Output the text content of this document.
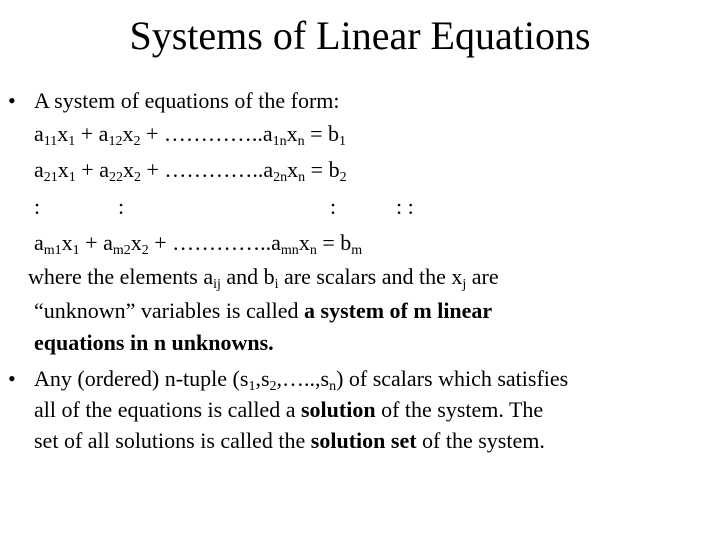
Systems of Linear Equations
• A system of equations of the form:
$a_{11}x_1 + a_{12}x_2$ + $\dots\dots\dots\dots..a_{1n}x_n = b_1$
$a_{21}x_1 + a_{22}x_2$ + $\dots\dots\dots\dots..a_{2n}x_n = b_2$
:	:	:	: :
$a_{m1}x_1 + a_{m2}x_2$ + $\dots\dots\dots\dots..a_{mn}x_n = b_m$
where the elements $a_{ij}$ and $b_i$ are scalars and the $x_j$ are
“unknown” variables is called a system of m linear
equations in n unknowns.
• Any (ordered) n-tuple $(s_1,s_2,\dots..,s_n)$ of scalars which satisfies
all of the equations is called a solution of the system. The
set of all solutions is called the solution set of the system.
